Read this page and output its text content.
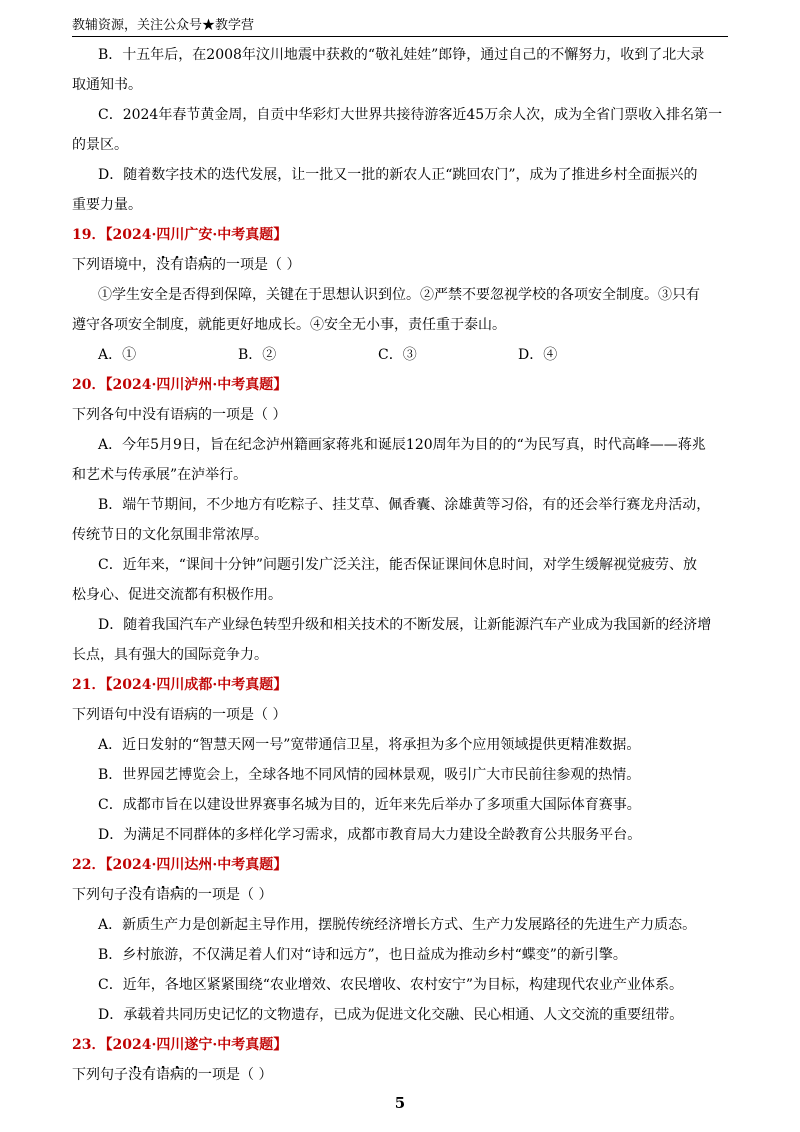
教辅资源，关注公众号★教学营
B．十五年后，在2008年汶川地震中获救的“敬礼娃娃”郎铮，通过自己的不懈努力，收到了北大录
取通知书。
C．2024年春节黄金周，自贡中华彩灯大世界共接待游客近45万余人次，成为全省门票收入排名第一
的景区。
D．随着数字技术的迭代发展，让一批又一批的新农人正“跳回农门”，成为了推进乡村全面振兴的
重要力量。
19．【2024·四川广安·中考真题】
下列语境中，没有语病的一项是（ ）
①学生安全是否得到保障，关键在于思想认识到位。②严禁不要忽视学校的各项安全制度。③只有
遵守各项安全制度，就能更好地成长。④安全无小事，责任重于泰山。
A．①	B．②	C．③	D．④
20．【2024·四川泸州·中考真题】
下列各句中没有语病的一项是（ ）
A．今年5月9日，旨在纪念泸州籍画家蒋兆和诞辰120周年为目的的“为民写真，时代高峰——蒋兆
和艺术与传承展”在泸举行。
B．端午节期间，不少地方有吃粽子、挂艾草、佩香囊、涂雄黄等习俗，有的还会举行赛龙舟活动，
传统节日的文化氛围非常浓厚。
C．近年来，“课间十分钟”问题引发广泛关注，能否保证课间休息时间，对学生缓解视觉疲劳、放
松身心、促进交流都有积极作用。
D．随着我国汽车产业绿色转型升级和相关技术的不断发展，让新能源汽车产业成为我国新的经济增
长点，具有强大的国际竞争力。
21．【2024·四川成都·中考真题】
下列语句中没有语病的一项是（ ）
A．近日发射的“智慧天网一号”宽带通信卫星，将承担为多个应用领域提供更精准数据。
B．世界园艺博览会上，全球各地不同风情的园林景观，吸引广大市民前往参观的热情。
C．成都市旨在以建设世界赛事名城为目的，近年来先后举办了多项重大国际体育赛事。
D．为满足不同群体的多样化学习需求，成都市教育局大力建设全龄教育公共服务平台。
22．【2024·四川达州·中考真题】
下列句子没有语病的一项是（ ）
A．新质生产力是创新起主导作用，摆脱传统经济增长方式、生产力发展路径的先进生产力质态。
B．乡村旅游，不仅满足着人们对“诗和远方”，也日益成为推动乡村“蝶变”的新引擎。
C．近年，各地区紧紧围绕“农业增效、农民增收、农村安宁”为目标，构建现代农业产业体系。
D．承载着共同历史记忆的文物遗存，已成为促进文化交融、民心相通、人文交流的重要纽带。
23．【2024·四川遂宁·中考真题】
下列句子没有语病的一项是（ ）
5
